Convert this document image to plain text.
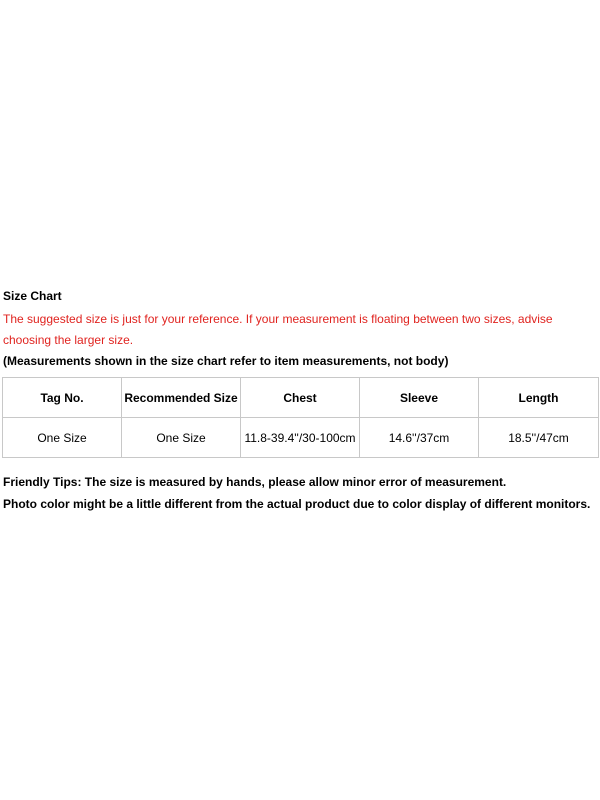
Size Chart
The suggested size is just for your reference. If your measurement is floating between two sizes, advise choosing the larger size.
(Measurements shown in the size chart refer to item measurements, not body)
Tag No.	Recommended Size	Chest	Sleeve	Length
One Size	One Size	11.8-39.4''/30-100cm	14.6''/37cm	18.5''/47cm
Friendly Tips: The size is measured by hands, please allow minor error of measurement.
Photo color might be a little different from the actual product due to color display of different monitors.
